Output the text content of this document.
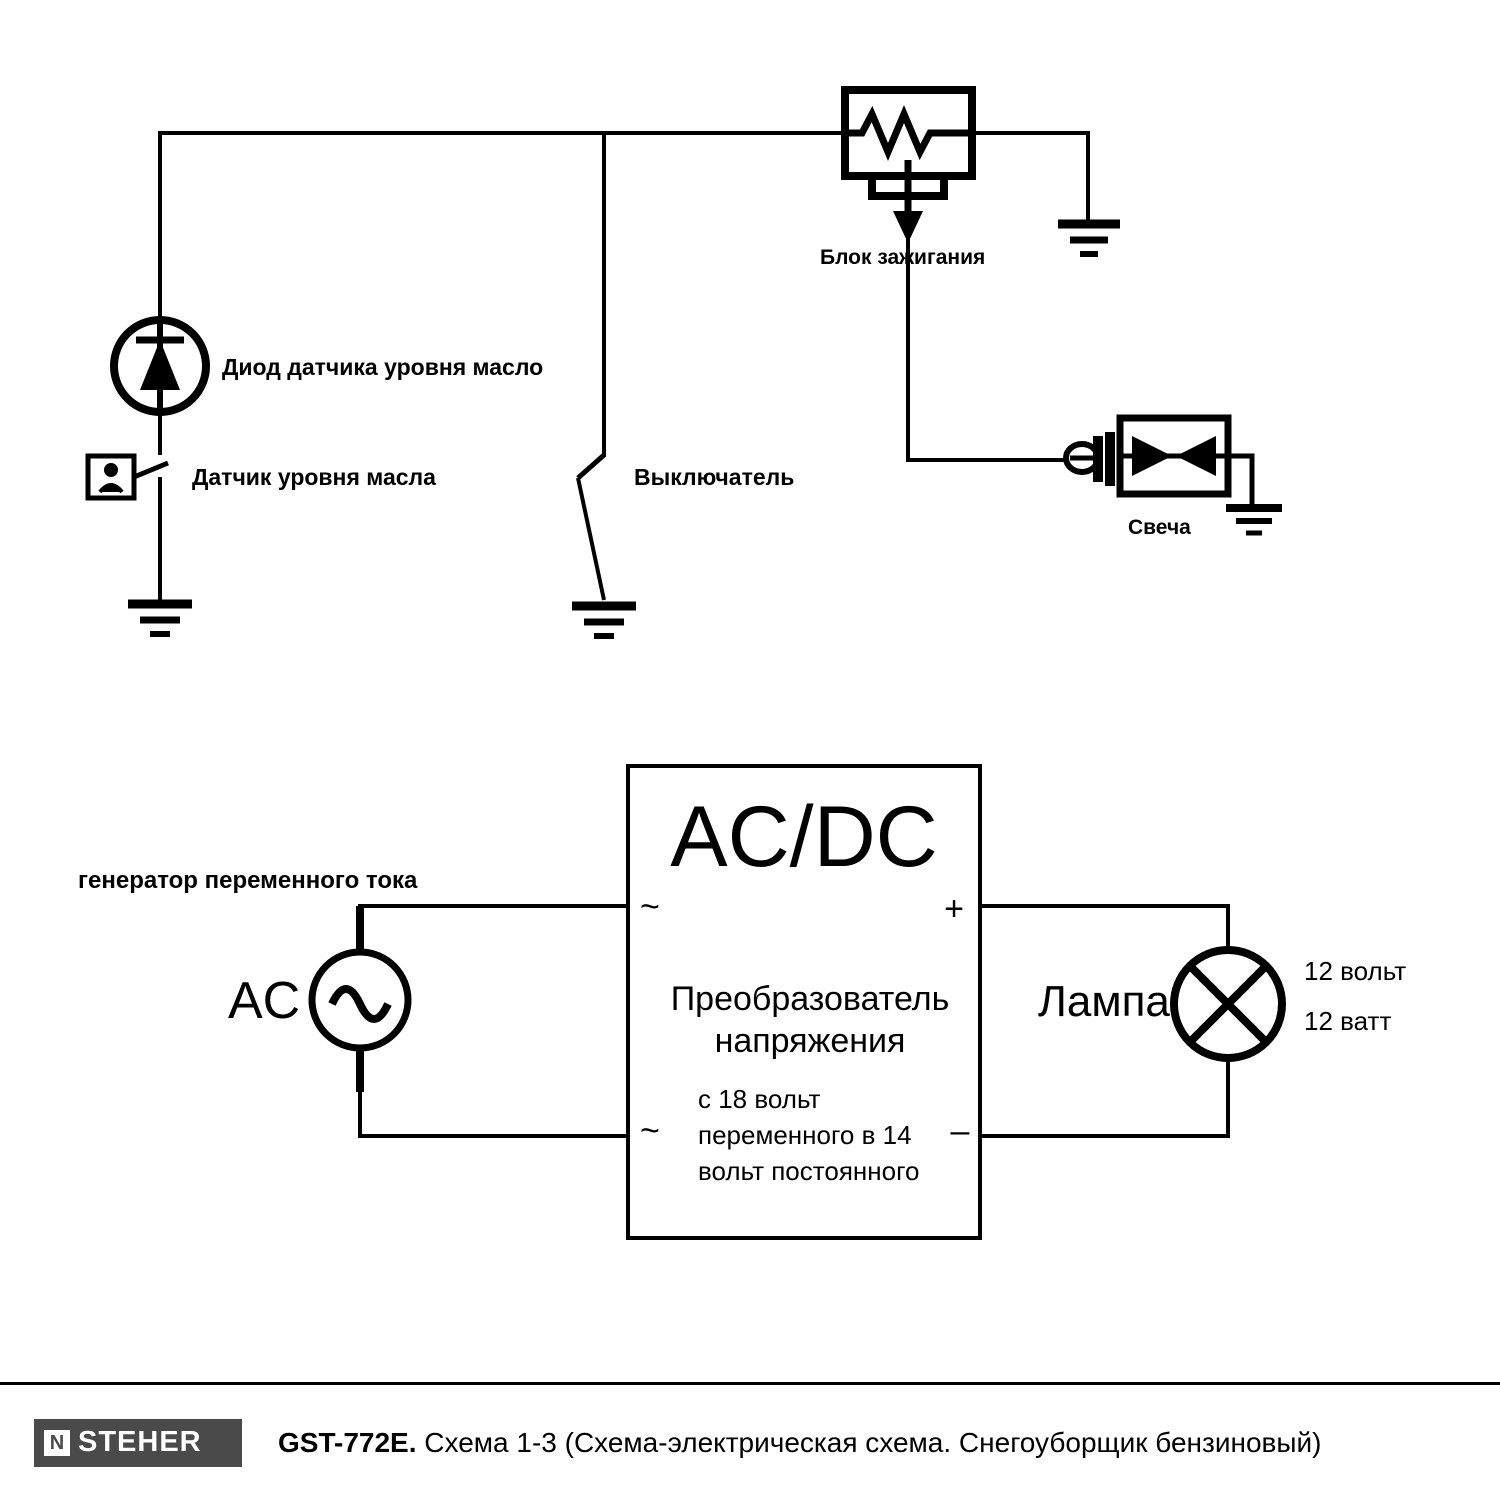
Блок зажигания
Диод датчика уровня масло
Датчик уровня масла	Выключатель
Свеча
AC/DC
Преобразователь
напряжения
с 18 вольт
переменного в 14
вольт постоянного
~
~
+
–
AC
генератор переменного тока
Лампа
12 вольт
12 ватт
N STEHER	GST-772E. Схема 1-3 (Схема-электрическая схема. Снегоуборщик бензиновый)
